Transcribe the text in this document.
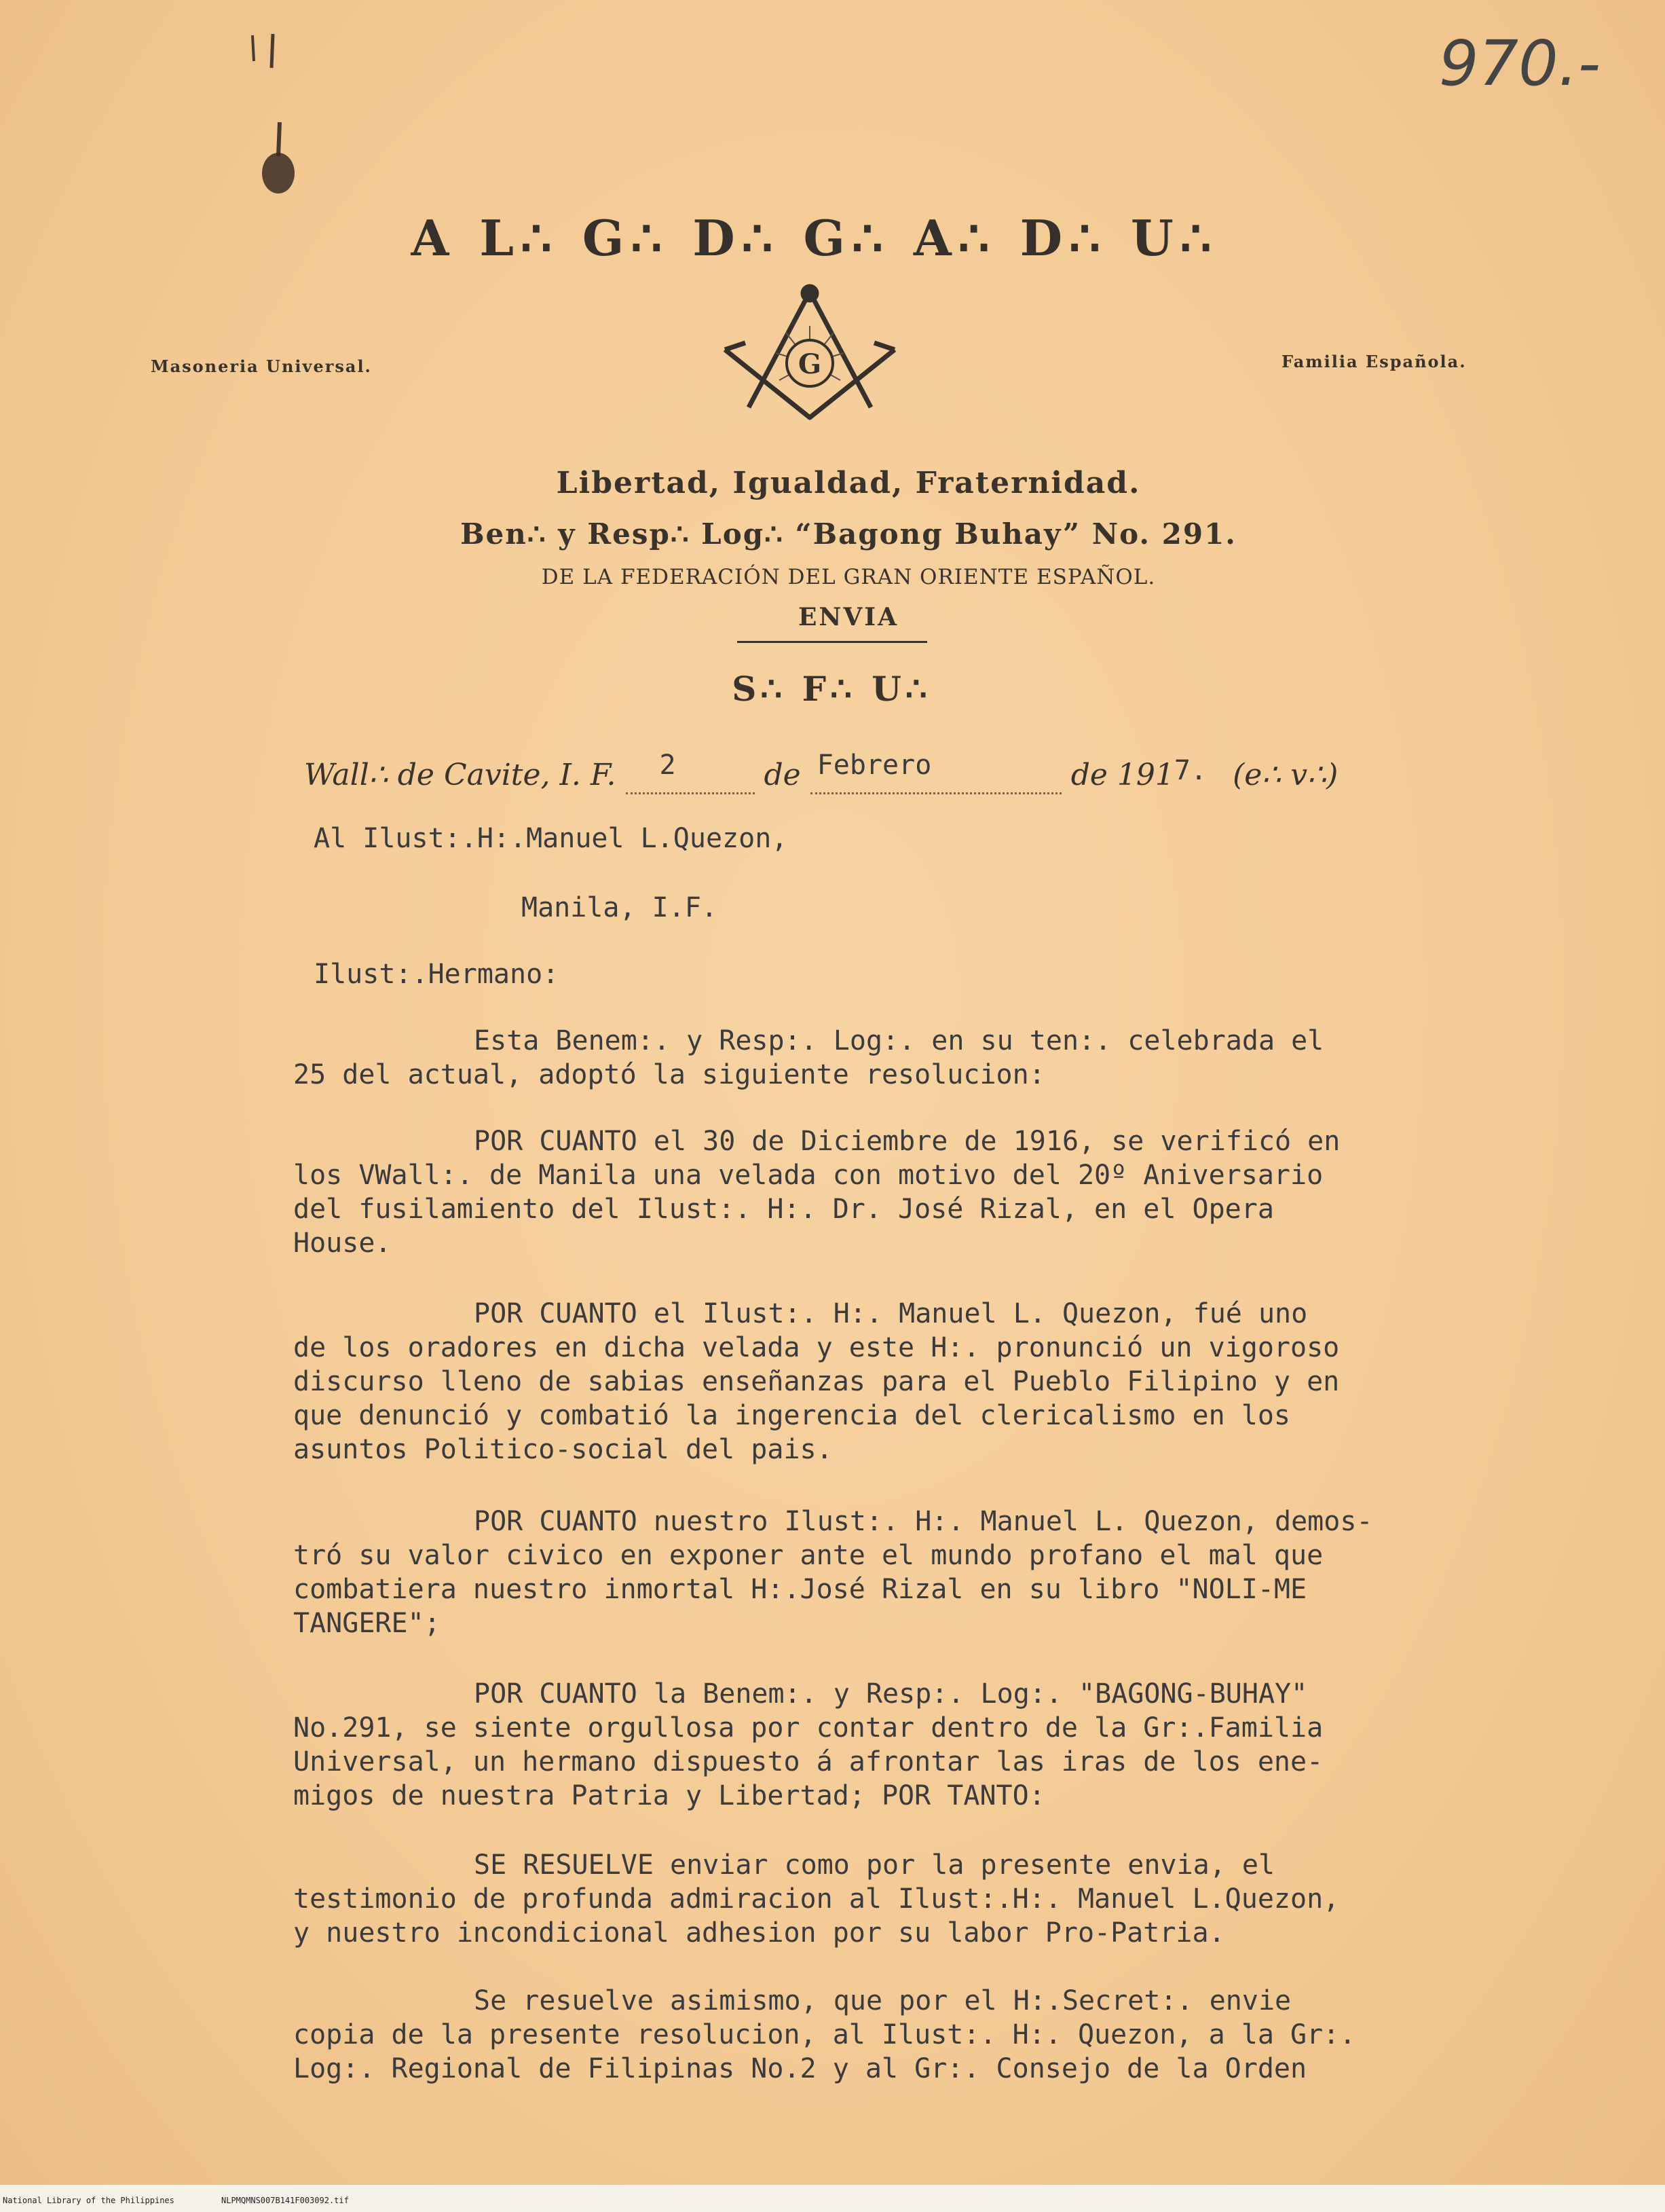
970.-
A L∴ G∴ D∴ G∴ A∴ D∴ U∴
Masoneria Universal.	Familia Española.
G
Libertad, Igualdad, Fraternidad.
Ben∴ y Resp∴ Log∴ “Bagong Buhay” No. 291.
DE LA FEDERACIÓN DEL GRAN ORIENTE ESPAÑOL.
ENVIA
S∴ F∴ U∴
Wall∴ de Cavite, I. F. 2	de Febrero	de 1917. (e∴ v∴)
Al Ilust:.H:.Manuel L.Quezon,
Manila, I.F.
Ilust:.Hermano:
Esta Benem:. y Resp:. Log:. en su ten:. celebrada el
25 del actual, adoptó la siguiente resolucion:
POR CUANTO el 30 de Diciembre de 1916, se verificó en
los VWall:. de Manila una velada con motivo del 20º Aniversario
del fusilamiento del Ilust:. H:. Dr. José Rizal, en el Opera
House.
POR CUANTO el Ilust:. H:. Manuel L. Quezon, fué uno
de los oradores en dicha velada y este H:. pronunció un vigoroso
discurso lleno de sabias enseñanzas para el Pueblo Filipino y en
que denunció y combatió la ingerencia del clericalismo en los
asuntos Politico-social del pais.
POR CUANTO nuestro Ilust:. H:. Manuel L. Quezon, demos-
tró su valor civico en exponer ante el mundo profano el mal que
combatiera nuestro inmortal H:.José Rizal en su libro "NOLI-ME
TANGERE";
POR CUANTO la Benem:. y Resp:. Log:. "BAGONG-BUHAY"
No.291, se siente orgullosa por contar dentro de la Gr:.Familia
Universal, un hermano dispuesto á afrontar las iras de los ene-
migos de nuestra Patria y Libertad; POR TANTO:
SE RESUELVE enviar como por la presente envia, el
testimonio de profunda admiracion al Ilust:.H:. Manuel L.Quezon,
y nuestro incondicional adhesion por su labor Pro-Patria.
Se resuelve asimismo, que por el H:.Secret:. envie
copia de la presente resolucion, al Ilust:. H:. Quezon, a la Gr:.
Log:. Regional de Filipinas No.2 y al Gr:. Consejo de la Orden
National Library of the Philippines	NLPMQMNS007B141F003092.tif
